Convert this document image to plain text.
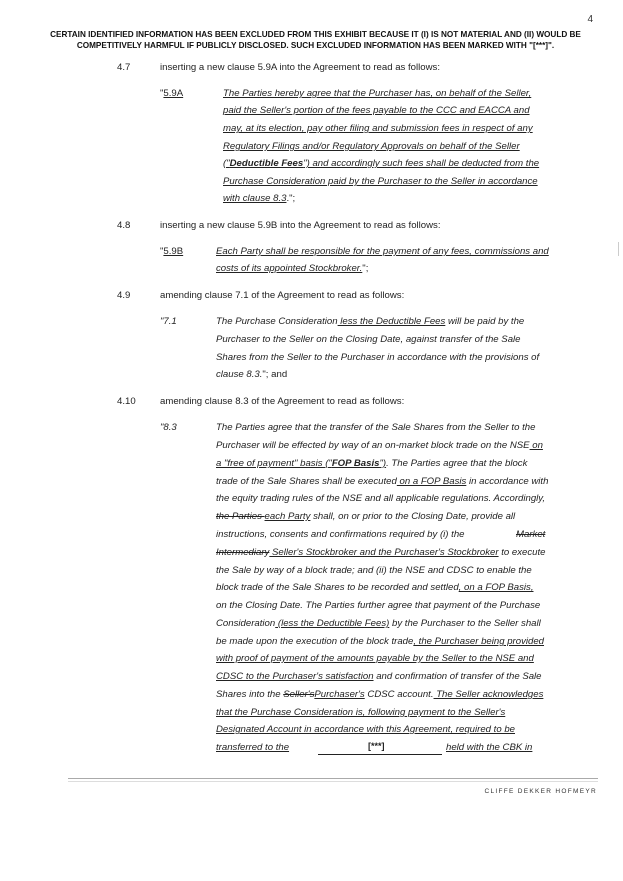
4
CERTAIN IDENTIFIED INFORMATION HAS BEEN EXCLUDED FROM THIS EXHIBIT BECAUSE IT (I) IS NOT MATERIAL AND (II) WOULD BE COMPETITIVELY HARMFUL IF PUBLICLY DISCLOSED. SUCH EXCLUDED INFORMATION HAS BEEN MARKED WITH "[***]".
4.7	inserting a new clause 5.9A into the Agreement to read as follows:
"5.9A	The Parties hereby agree that the Purchaser has, on behalf of the Seller,
paid the Seller's portion of the fees payable to the CCC and EACCA and
may, at its election, pay other filing and submission fees in respect of any
Regulatory Filings and/or Regulatory Approvals on behalf of the Seller
("Deductible Fees") and accordingly such fees shall be deducted from the
Purchase Consideration paid by the Purchaser to the Seller in accordance
with clause 8.3.";
4.8	inserting a new clause 5.9B into the Agreement to read as follows:
"5.9B	Each Party shall be responsible for the payment of any fees, commissions and
costs of its appointed Stockbroker.";
4.9	amending clause 7.1 of the Agreement to read as follows:
"7.1	The Purchase Consideration less the Deductible Fees will be paid by the
Purchaser to the Seller on the Closing Date, against transfer of the Sale
Shares from the Seller to the Purchaser in accordance with the provisions of
clause 8.3."; and
4.10	amending clause 8.3 of the Agreement to read as follows:
"8.3	The Parties agree that the transfer of the Sale Shares from the Seller to the
Purchaser will be effected by way of an on-market block trade on the NSE on
a "free of payment" basis ("FOP Basis"). The Parties agree that the block
trade of the Sale Shares shall be executed on a FOP Basis in accordance with
the equity trading rules of the NSE and all applicable regulations. Accordingly,
the Parties each Party shall, on or prior to the Closing Date, provide all
instructions, consents and confirmations required by (i) the	Market
Intermediary Seller's Stockbroker and the Purchaser's Stockbroker to execute
the Sale by way of a block trade; and (ii) the NSE and CDSC to enable the
block trade of the Sale Shares to be recorded and settled, on a FOP Basis,
on the Closing Date. The Parties further agree that payment of the Purchase
Consideration (less the Deductible Fees) by the Purchaser to the Seller shall
be made upon the execution of the block trade, the Purchaser being provided
with proof of payment of the amounts payable by the Seller to the NSE and
CDSC to the Purchaser's satisfaction and confirmation of transfer of the Sale
Shares into the Seller'sPurchaser's CDSC account. The Seller acknowledges
that the Purchase Consideration is, following payment to the Seller's
Designated Account in accordance with this Agreement, required to be
transferred to the	[***]	held with the CBK in
CLIFFE DEKKER HOFMEYR
